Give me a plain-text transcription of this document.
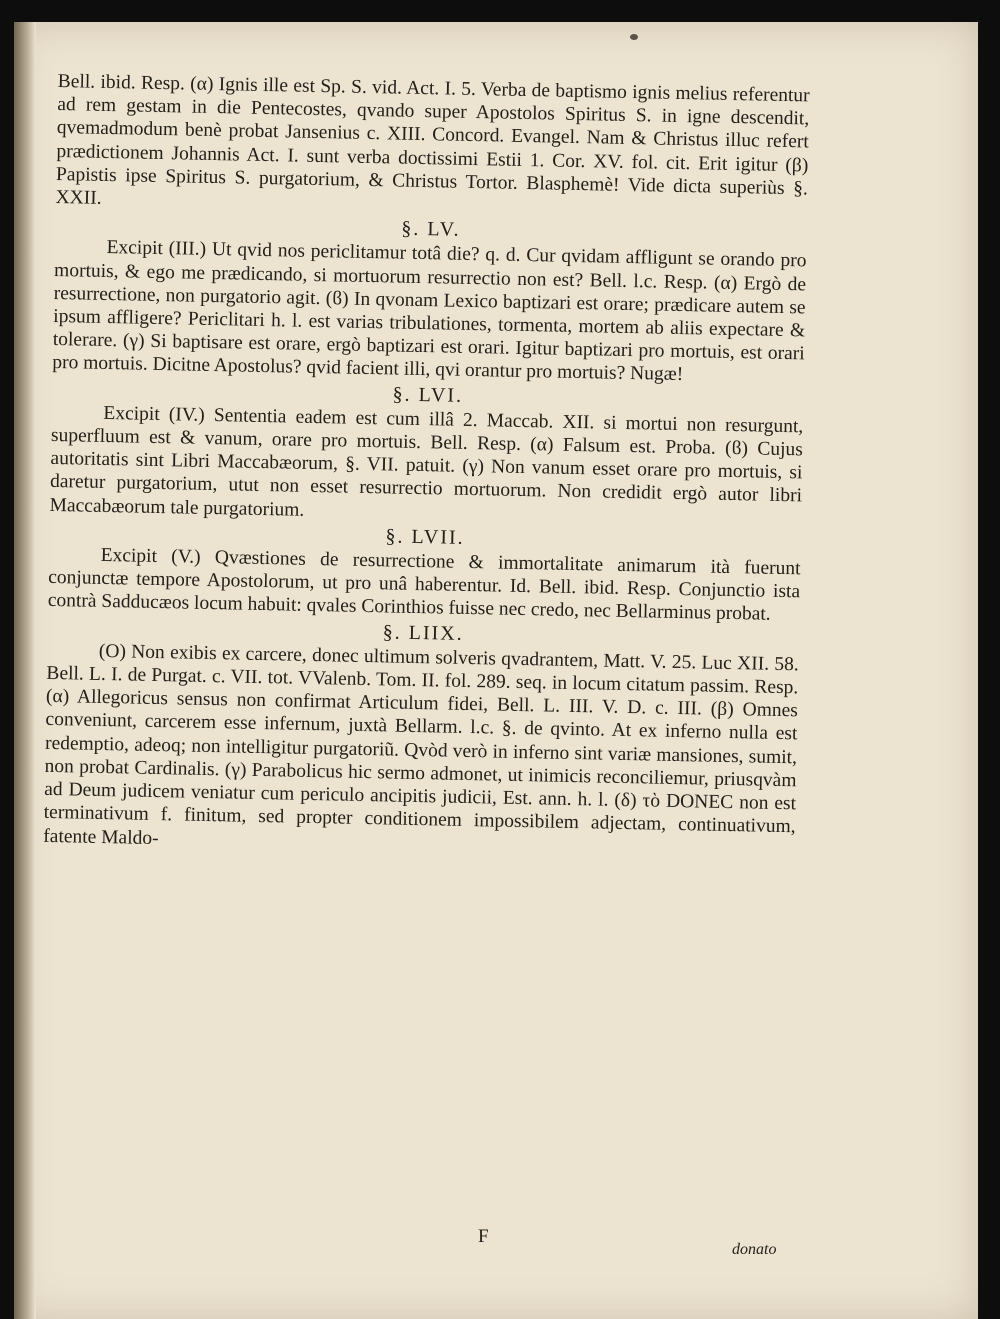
Bell. ibid. Resp. (α) Ignis ille est Sp. S. vid. Act. I. 5. Verba de baptismo ignis melius referentur ad rem gestam in die Pentecostes, qvando super Apostolos Spiritus S. in igne descendit, qvemadmodum benè probat Jansenius c. XIII. Concord. Evangel. Nam & Christus illuc refert prædictionem Johannis Act. I. sunt verba doctissimi Estii 1. Cor. XV. fol. cit. Erit igitur (β) Papistis ipse Spiritus S. purgatorium, & Christus Tortor. Blasphemè! Vide dicta superiùs §. XXII.

§. LV.

Excipit (III.) Ut qvid nos periclitamur totâ die? q. d. Cur qvidam affligunt se orando pro mortuis, & ego me prædicando, si mortuorum resurrectio non est? Bell. l.c. Resp. (α) Ergò de resurrectione, non purgatorio agit. (ϐ) In qvonam Lexico baptizari est orare; prædicare autem se ipsum affligere? Periclitari h. l. est varias tribulationes, tormenta, mortem ab aliis expectare & tolerare. (γ) Si baptisare est orare, ergò baptizari est orari. Igitur baptizari pro mortuis, est orari pro mortuis. Dicitne Apostolus? qvid facient illi, qvi orantur pro mortuis? Nugæ!

§. LVI.

Excipit (IV.) Sententia eadem est cum illâ 2. Maccab. XII. si mortui non resurgunt, superfluum est & vanum, orare pro mortuis. Bell. Resp. (α) Falsum est. Proba. (ϐ) Cujus autoritatis sint Libri Maccabæorum, §. VII. patuit. (γ) Non vanum esset orare pro mortuis, si daretur purgatorium, utut non esset resurrectio mortuorum. Non credidit ergò autor libri Maccabæorum tale purgatorium.

§. LVII.

Excipit (V.) Qvæstiones de resurrectione & immortalitate animarum ità fuerunt conjunctæ tempore Apostolorum, ut pro unâ haberentur. Id. Bell. ibid. Resp. Conjunctio ista contrà Sadducæos locum habuit: qvales Corinthios fuisse nec credo, nec Bellarminus probat.

§. LIIX.

(O) Non exibis ex carcere, donec ultimum solveris qvadrantem, Matt. V. 25. Luc XII. 58. Bell. L. I. de Purgat. c. VII. tot. VValenb. Tom. II. fol. 289. seq. in locum citatum passim. Resp. (α) Allegoricus sensus non confirmat Articulum fidei, Bell. L. III. V. D. c. III. (β) Omnes conveniunt, carcerem esse infernum, juxtà Bellarm. l.c. §. de qvinto. At ex inferno nulla est redemptio, adeoq; non intelligitur purgatoriũ. Qvòd verò in inferno sint variæ mansiones, sumit, non probat Cardinalis. (γ) Parabolicus hic sermo admonet, ut inimicis reconciliemur, priusqvàm ad Deum judicem veniatur cum periculo ancipitis judicii, Est. ann. h. l. (δ) τὸ DONEC non est terminativum f. finitum, sed propter conditionem impossibilem adjectam, continuativum, fatente Maldo-

F
donato
